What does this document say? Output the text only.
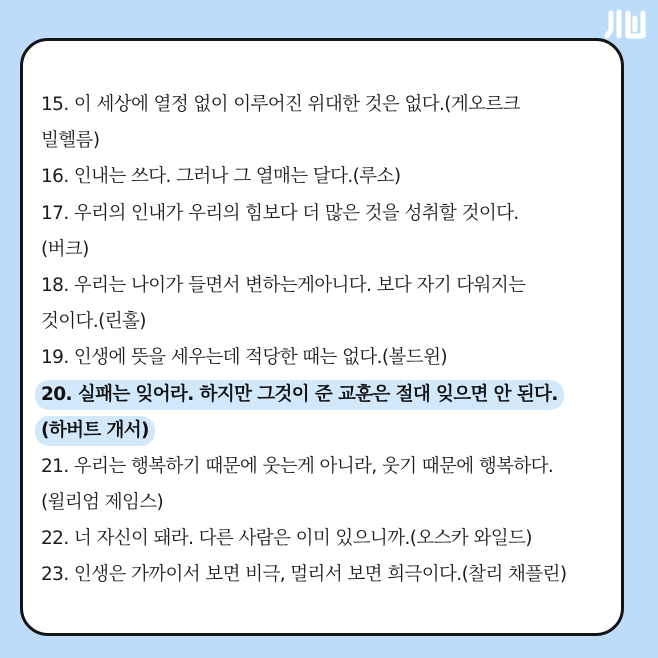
15. 이 세상에 열정 없이 이루어진 위대한 것은 없다.(게오르크
빌헬름)
16. 인내는 쓰다. 그러나 그 열매는 달다.(루소)
17. 우리의 인내가 우리의 힘보다 더 많은 것을 성취할 것이다.
(버크)
18. 우리는 나이가 들면서 변하는게아니다. 보다 자기 다워지는
것이다.(린홀)
19. 인생에 뜻을 세우는데 적당한 때는 없다.(볼드윈)
20. 실패는 잊어라. 하지만 그것이 준 교훈은 절대 잊으면 안 된다.
(하버트 개서)
21. 우리는 행복하기 때문에 웃는게 아니라, 웃기 때문에 행복하다.
(윌리엄 제임스)
22. 너 자신이 돼라. 다른 사람은 이미 있으니까.(오스카 와일드)
23. 인생은 가까이서 보면 비극, 멀리서 보면 희극이다.(찰리 채플린)
